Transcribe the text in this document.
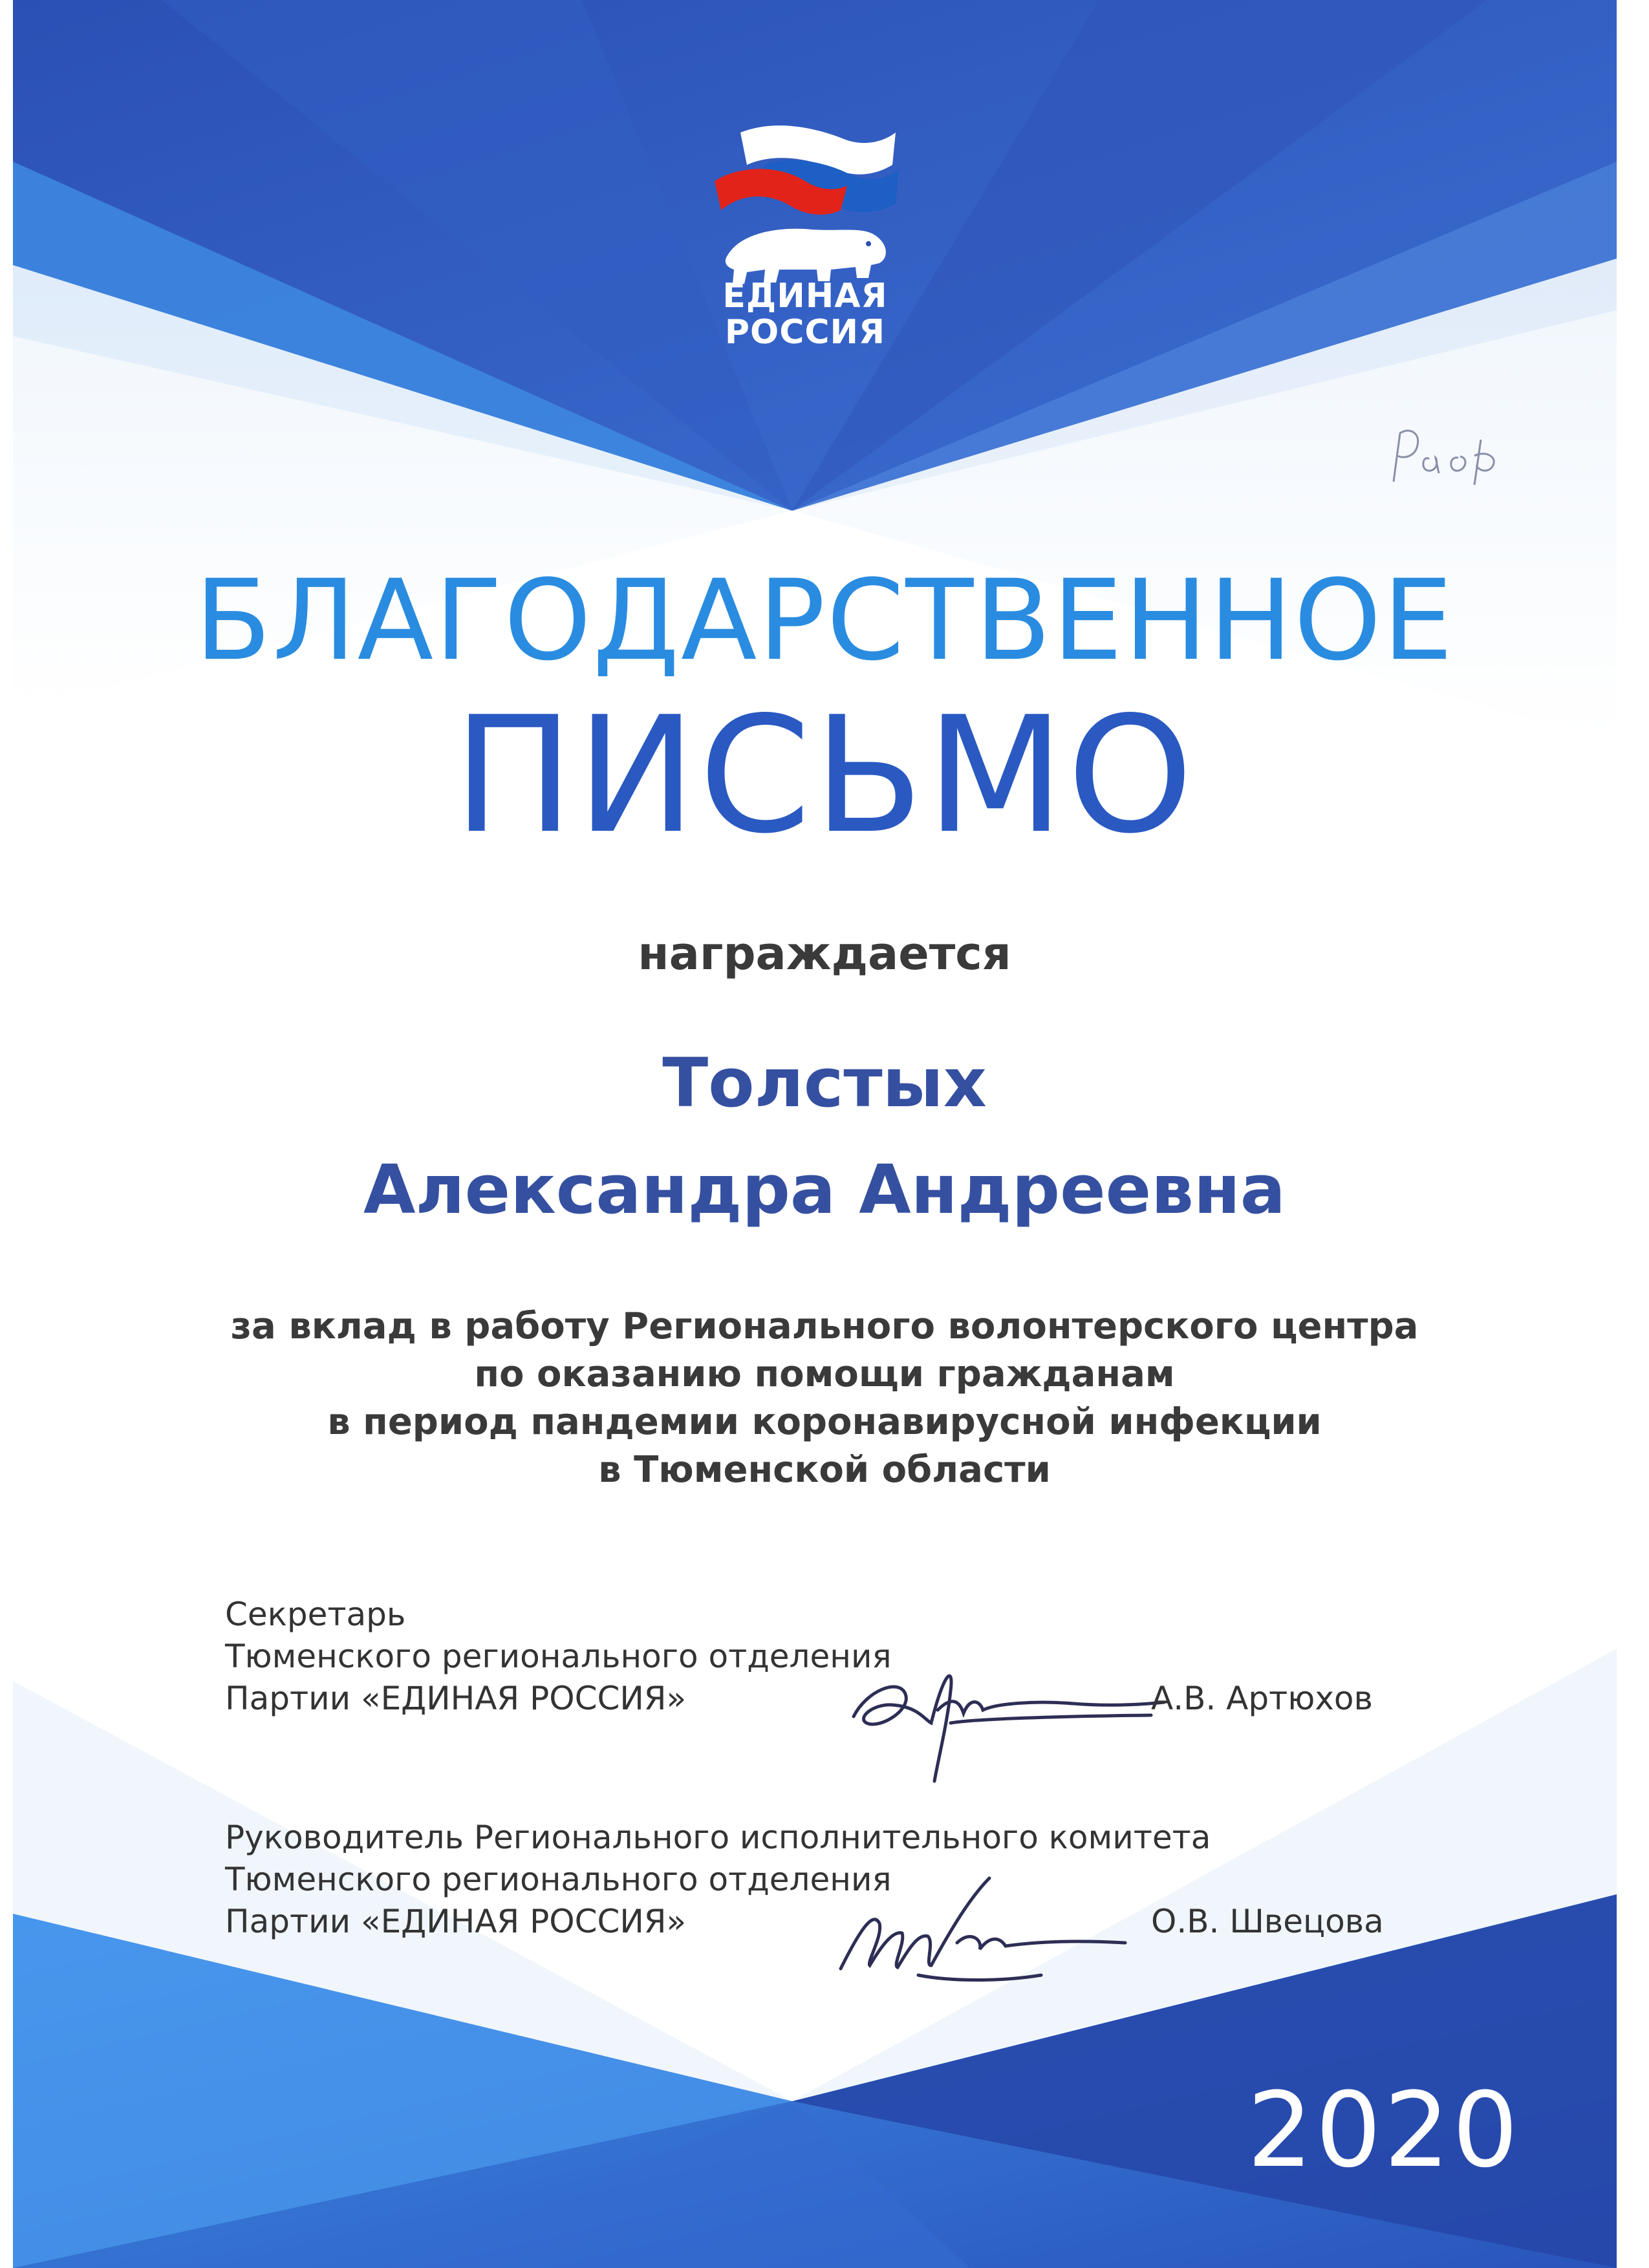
ЕДИНАЯ
РОССИЯ
БЛАГОДАРСТВЕННОЕ
ПИСЬМО
награждается
Толстых
Александра Андреевна
за вклад в работу Регионального волонтерского центра
по оказанию помощи гражданам
в период пандемии коронавирусной инфекции
в Тюменской области
Секретарь
Тюменского регионального отделения
Партии «ЕДИНАЯ РОССИЯ»	А.В. Артюхов
Руководитель Регионального исполнительного комитета
Тюменского регионального отделения
Партии «ЕДИНАЯ РОССИЯ»	О.В. Швецова
2020
